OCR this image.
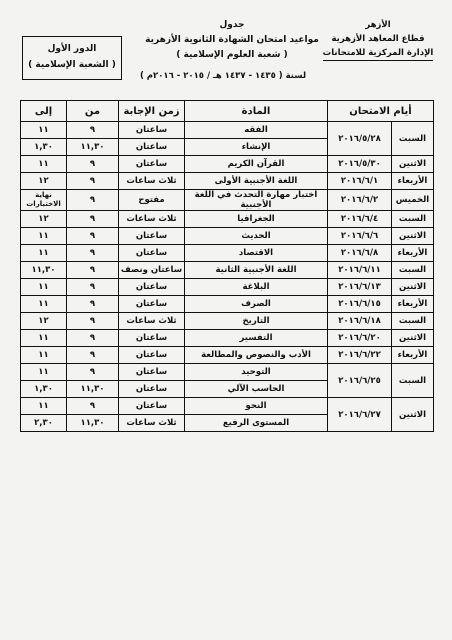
الأزهر
قطاع المعاهد الأزهرية
الإدارة المركزية للامتحانات
جدول
مواعيد امتحان الشهادة الثانوية الأزهرية
( شعبة العلوم الإسلامية )
الدور الأول
( الشعبة الإسلامية )
لسنة ( ١٤٣٥ - ١٤٣٧ هـ / ٢٠١٥ - ٢٠١٦م )
أيام الامتحان		المادة	زمن الإجابة	من	إلى
السبت	٢٠١٦/٥/٢٨	الفقه	ساعتان	٩	١١
		الإنشاء	ساعتان	١١,٣٠	١,٣٠
الاثنين	٢٠١٦/٥/٣٠	القرآن الكريم	ساعتان	٩	١١
الأربعاء	٢٠١٦/٦/١	اللغة الأجنبية الأولى	ثلاث ساعات	٩	١٢
الخميس	٢٠١٦/٦/٢	اختبار مهارة التحدث في اللغة الأجنبية	مفتوح	٩	نهاية الاختبارات
السبت	٢٠١٦/٦/٤	الجغرافيا	ثلاث ساعات	٩	١٢
الاثنين	٢٠١٦/٦/٦	الحديث	ساعتان	٩	١١
الأربعاء	٢٠١٦/٦/٨	الاقتصاد	ساعتان	٩	١١
السبت	٢٠١٦/٦/١١	اللغة الأجنبية الثانية	ساعتان ونصف	٩	١١,٣٠
الاثنين	٢٠١٦/٦/١٣	البلاغة	ساعتان	٩	١١
الأربعاء	٢٠١٦/٦/١٥	الصرف	ساعتان	٩	١١
السبت	٢٠١٦/٦/١٨	التاريخ	ثلاث ساعات	٩	١٢
الاثنين	٢٠١٦/٦/٢٠	التفسير	ساعتان	٩	١١
الأربعاء	٢٠١٦/٦/٢٢	الأدب والنصوص والمطالعة	ساعتان	٩	١١
السبت	٢٠١٦/٦/٢٥	التوحيد	ساعتان	٩	١١
		الحاسب الآلي	ساعتان	١١,٣٠	١,٣٠
الاثنين	٢٠١٦/٦/٢٧	النحو	ساعتان	٩	١١
		المستوى الرفيع	ثلاث ساعات	١١,٣٠	٢,٣٠
